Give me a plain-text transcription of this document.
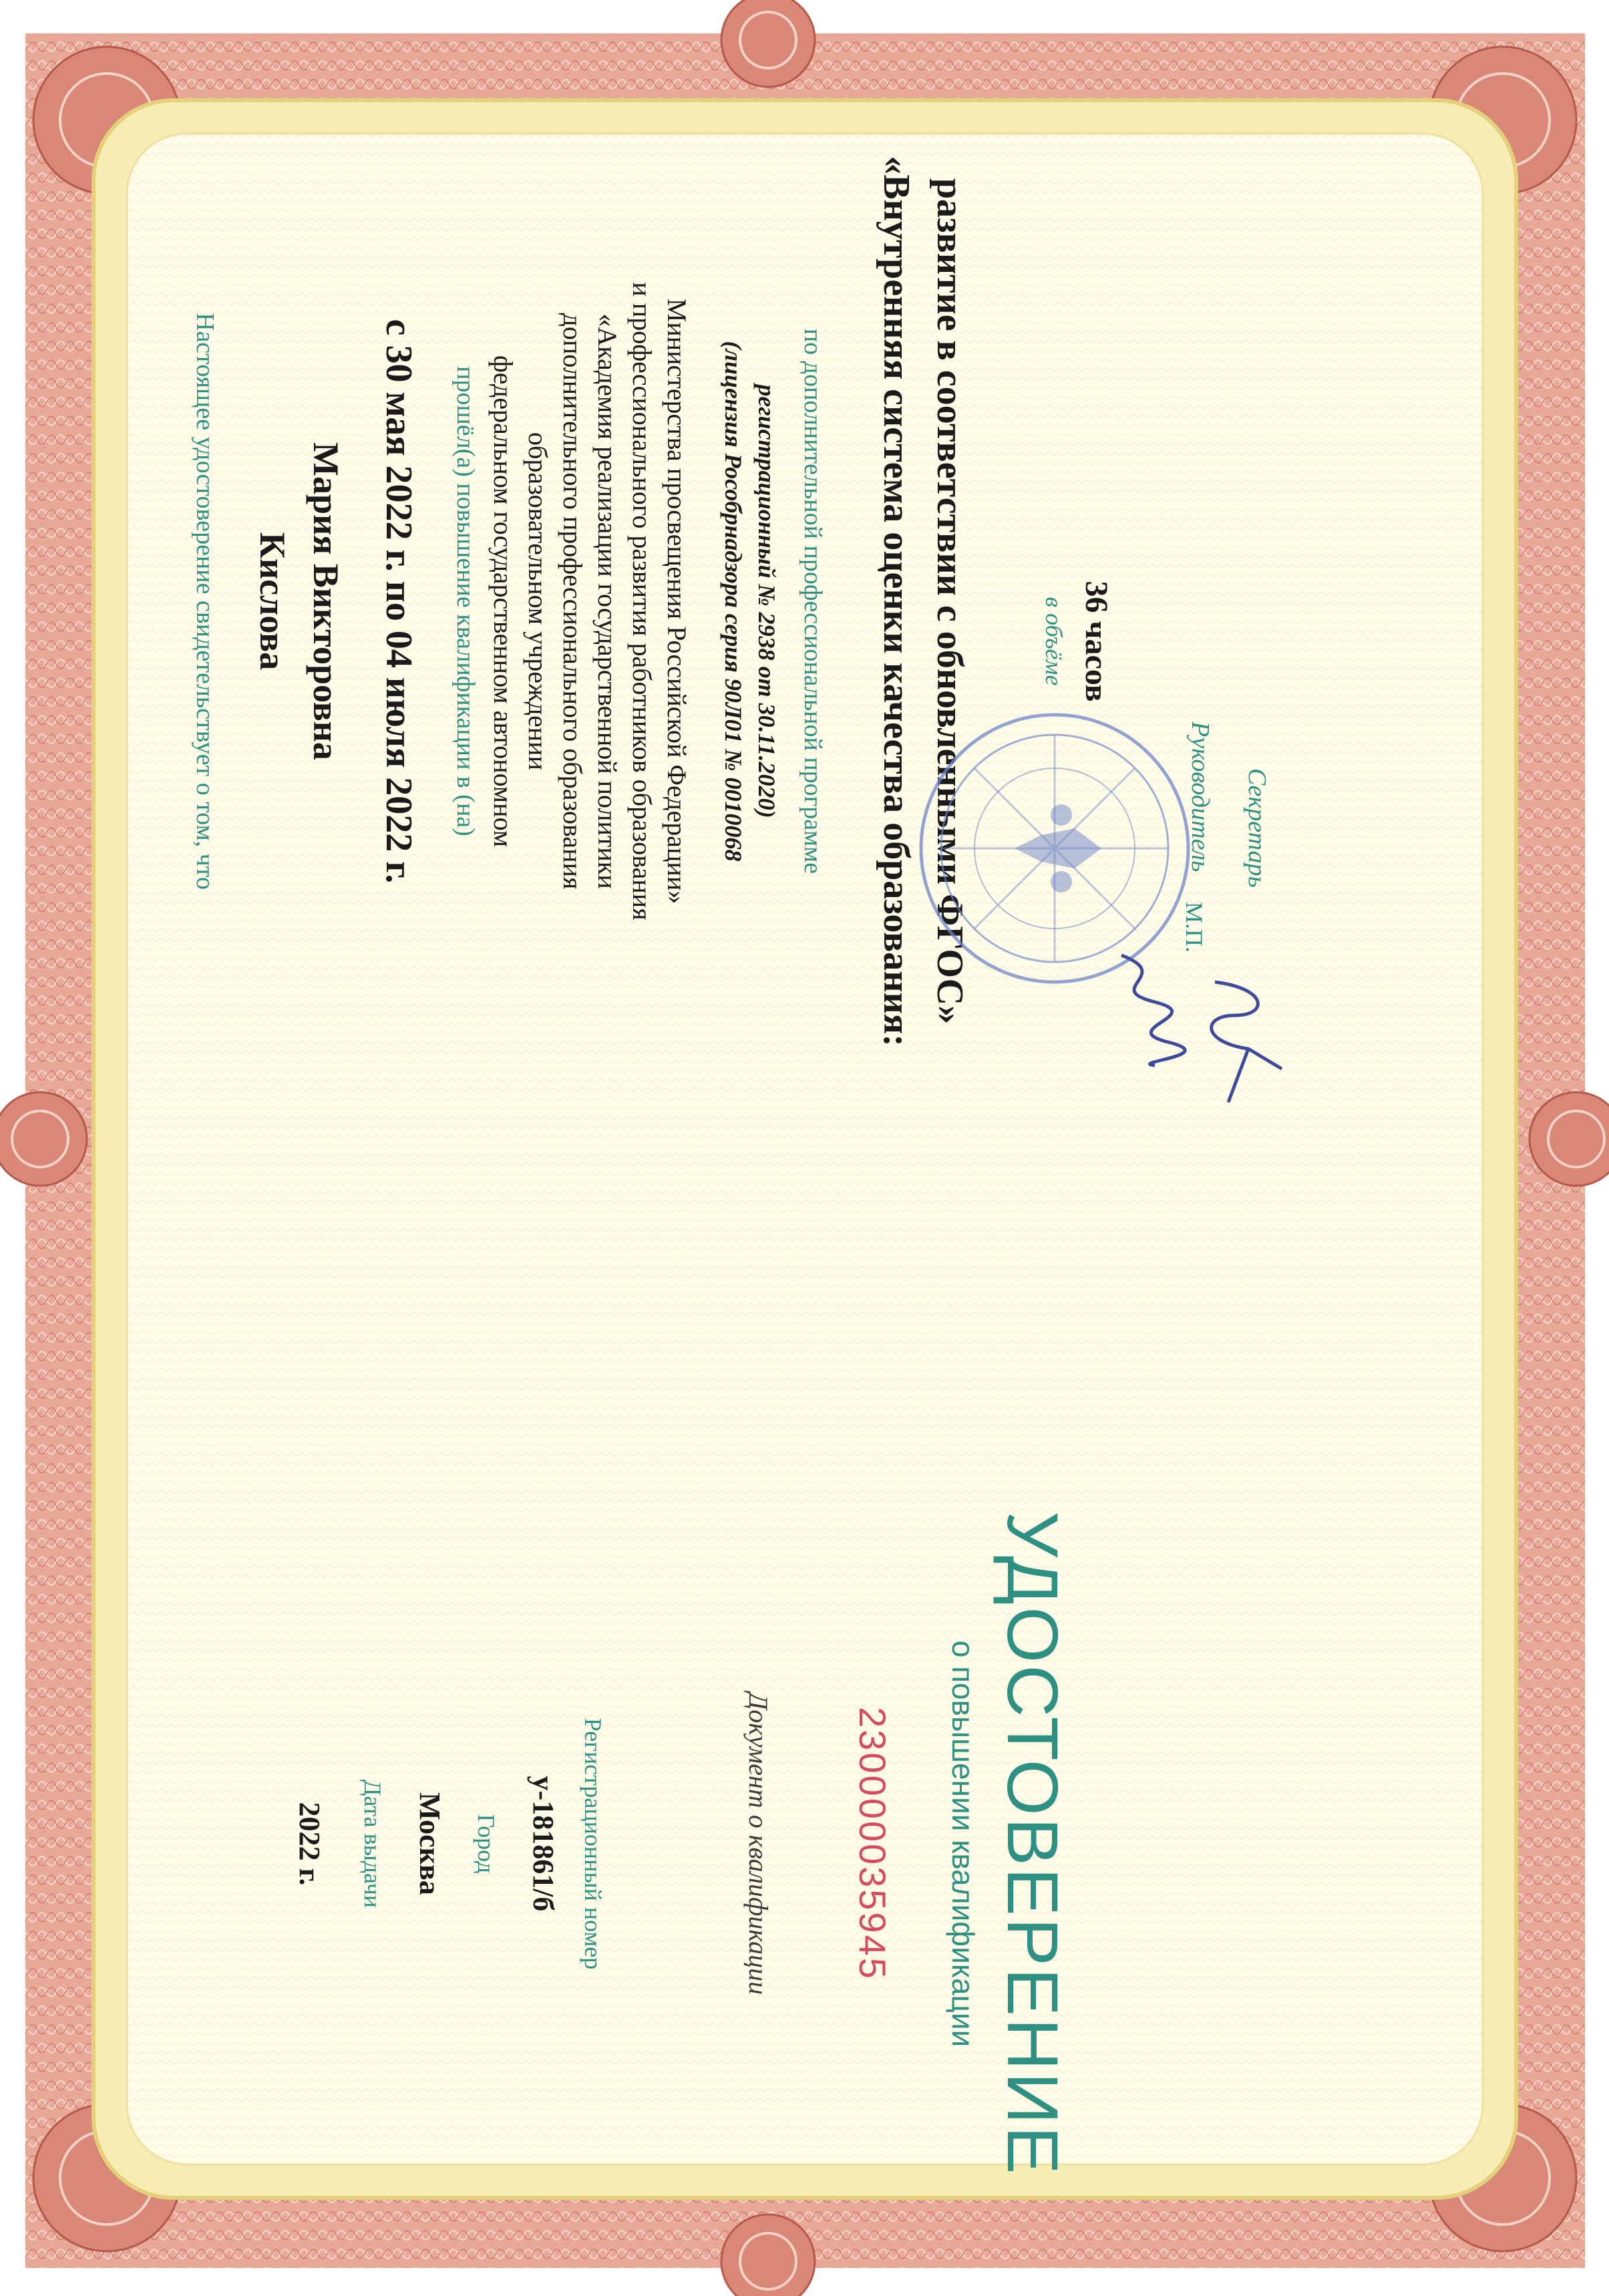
УДОСТОВЕРЕНИЕ
о повышении квалификации
230000035945
Документ о квалификации
Регистрационный номер
у-181861/б
Город
Москва
Дата выдачи
2022 г.
Настоящее удостоверение свидетельствует о том, что Кислова Мария Викторовна с 30 мая 2022 г. по 04 июля 2022 г. прошёл(а) повышение квалификации в (на) федеральном государственном автономном образовательном учреждении дополнительного профессионального образования «Академия реализации государственной политики и профессионального развития работников образования Министерства просвещения Российской Федерации» (лицензия Рособрнадзора серия 90Л01 № 0010068 регистрационный № 2938 от 30.11.2020) по дополнительной профессиональной программе «Внутренняя система оценки качества образования: развитие в соответствии с обновленными ФГОС»	в объёме 36 часов
Руководитель Секретарь
М.П.
